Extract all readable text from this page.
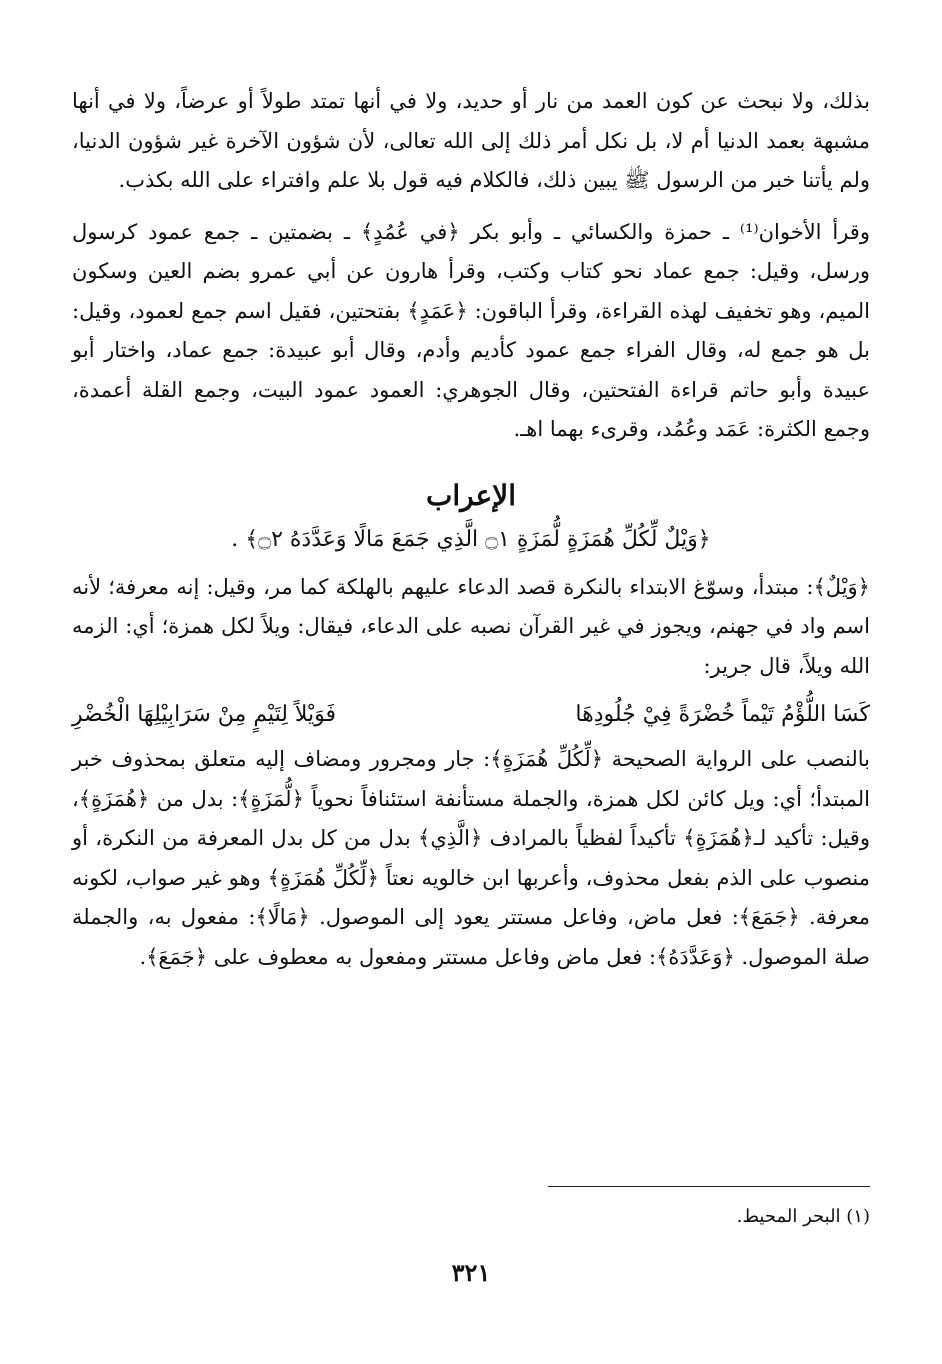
بذلك، ولا نبحث عن كون العمد من نار أو حديد، ولا في أنها تمتد طولاً أو عرضاً، ولا في أنها مشبهة بعمد الدنيا أم لا، بل نكل أمر ذلك إلى الله تعالى، لأن شؤون الآخرة غير شؤون الدنيا، ولم يأتنا خبر من الرسول ﷺ يبين ذلك، فالكلام فيه قول بلا علم وافتراء على الله بكذب.

وقرأ الأخوان⁽¹⁾ ـ حمزة والكسائي ـ وأبو بكر ﴿في عُمُدٍ﴾ ـ بضمتين ـ جمع عمود كرسول ورسل، وقيل: جمع عماد نحو كتاب وكتب، وقرأ هارون عن أبي عمرو بضم العين وسكون الميم، وهو تخفيف لهذه القراءة، وقرأ الباقون: ﴿عَمَدٍ﴾ بفتحتين، فقيل اسم جمع لعمود، وقيل: بل هو جمع له، وقال الفراء جمع عمود كأديم وأدم، وقال أبو عبيدة: جمع عماد، واختار أبو عبيدة وأبو حاتم قراءة الفتحتين، وقال الجوهري: العمود عمود البيت، وجمع القلة أعمدة، وجمع الكثرة: عَمَد وعُمُد، وقرىء بهما اهـ.

الإعراب
﴿وَيْلٌ لِّكُلِّ هُمَزَةٍ لُّمَزَةٍ ۝١ الَّذِي جَمَعَ مَالًا وَعَدَّدَهُ ۝٢﴾ .

﴿وَيْلٌ﴾: مبتدأ، وسوّغ الابتداء بالنكرة قصد الدعاء عليهم بالهلكة كما مر، وقيل: إنه معرفة؛ لأنه اسم واد في جهنم، ويجوز في غير القرآن نصبه على الدعاء، فيقال: ويلاً لكل همزة؛ أي: الزمه الله ويلاً، قال جرير:

كَسَا اللُّؤْمُ تَيْماً خُضْرَةً فِيْ جُلُودِهَا
فَوَيْلاً لِتَيْمٍ مِنْ سَرَابِيْلِهَا الْخُضْرِ

بالنصب على الرواية الصحيحة ﴿لِّكُلِّ هُمَزَةٍ﴾: جار ومجرور ومضاف إليه متعلق بمحذوف خبر المبتدأ؛ أي: ويل كائن لكل همزة، والجملة مستأنفة استئنافاً نحوياً ﴿لُّمَزَةٍ﴾: بدل من ﴿هُمَزَةٍ﴾، وقيل: تأكيد لـ﴿هُمَزَةٍ﴾ تأكيداً لفظياً بالمرادف ﴿الَّذِي﴾ بدل من كل بدل المعرفة من النكرة، أو منصوب على الذم بفعل محذوف، وأعربها ابن خالويه نعتاً ﴿لِّكُلِّ هُمَزَةٍ﴾ وهو غير صواب، لكونه معرفة. ﴿جَمَعَ﴾: فعل ماض، وفاعل مستتر يعود إلى الموصول. ﴿مَالًا﴾: مفعول به، والجملة صلة الموصول. ﴿وَعَدَّدَهُ﴾: فعل ماض وفاعل مستتر ومفعول به معطوف على ﴿جَمَعَ﴾.

(١) البحر المحيط.

٣٢١
